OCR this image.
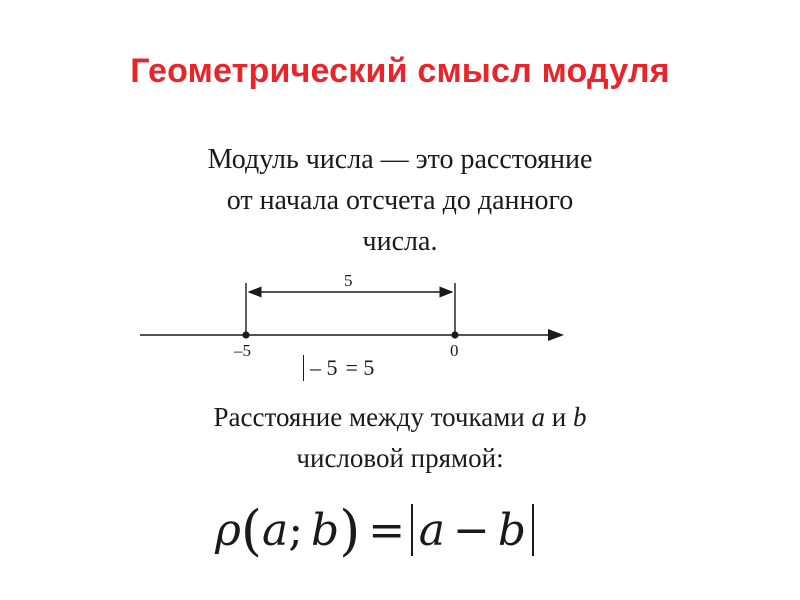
Геометрический смысл модуля
Модуль числа — это расстояние
от начала отсчета до данного
числа.
5
–5	0
– 5 = 5
Расстояние между точками a и b
числовой прямой:
ρ ( a ; b ) = a − b
